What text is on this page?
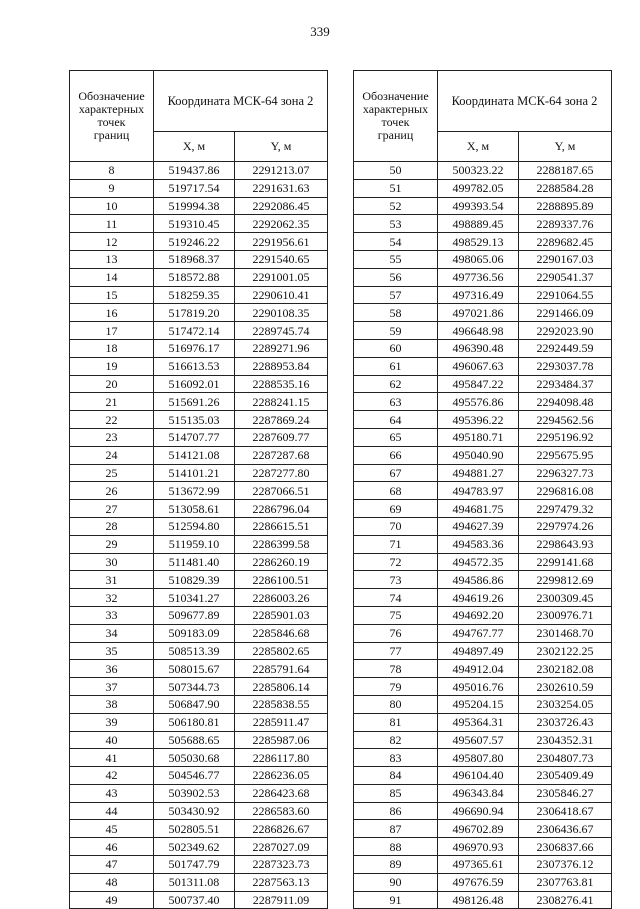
339
Обозначение
характерных
точек
границ	Координата МСК-64 зона 2	
	X, м	Y, м
8	519437.86	2291213.07
9	519717.54	2291631.63
10	519994.38	2292086.45
11	519310.45	2292062.35
12	519246.22	2291956.61
13	518968.37	2291540.65
14	518572.88	2291001.05
15	518259.35	2290610.41
16	517819.20	2290108.35
17	517472.14	2289745.74
18	516976.17	2289271.96
19	516613.53	2288953.84
20	516092.01	2288535.16
21	515691.26	2288241.15
22	515135.03	2287869.24
23	514707.77	2287609.77
24	514121.08	2287287.68
25	514101.21	2287277.80
26	513672.99	2287066.51
27	513058.61	2286796.04
28	512594.80	2286615.51
29	511959.10	2286399.58
30	511481.40	2286260.19
31	510829.39	2286100.51
32	510341.27	2286003.26
33	509677.89	2285901.03
34	509183.09	2285846.68
35	508513.39	2285802.65
36	508015.67	2285791.64
37	507344.73	2285806.14
38	506847.90	2285838.55
39	506180.81	2285911.47
40	505688.65	2285987.06
41	505030.68	2286117.80
42	504546.77	2286236.05
43	503902.53	2286423.68
44	503430.92	2286583.60
45	502805.51	2286826.67
46	502349.62	2287027.09
47	501747.79	2287323.73
48	501311.08	2287563.13
49	500737.40	2287911.09
Обозначение
характерных
точек
границ	Координата МСК-64 зона 2	
	X, м	Y, м
50	500323.22	2288187.65
51	499782.05	2288584.28
52	499393.54	2288895.89
53	498889.45	2289337.76
54	498529.13	2289682.45
55	498065.06	2290167.03
56	497736.56	2290541.37
57	497316.49	2291064.55
58	497021.86	2291466.09
59	496648.98	2292023.90
60	496390.48	2292449.59
61	496067.63	2293037.78
62	495847.22	2293484.37
63	495576.86	2294098.48
64	495396.22	2294562.56
65	495180.71	2295196.92
66	495040.90	2295675.95
67	494881.27	2296327.73
68	494783.97	2296816.08
69	494681.75	2297479.32
70	494627.39	2297974.26
71	494583.36	2298643.93
72	494572.35	2299141.68
73	494586.86	2299812.69
74	494619.26	2300309.45
75	494692.20	2300976.71
76	494767.77	2301468.70
77	494897.49	2302122.25
78	494912.04	2302182.08
79	495016.76	2302610.59
80	495204.15	2303254.05
81	495364.31	2303726.43
82	495607.57	2304352.31
83	495807.80	2304807.73
84	496104.40	2305409.49
85	496343.84	2305846.27
86	496690.94	2306418.67
87	496702.89	2306436.67
88	496970.93	2306837.66
89	497365.61	2307376.12
90	497676.59	2307763.81
91	498126.48	2308276.41
